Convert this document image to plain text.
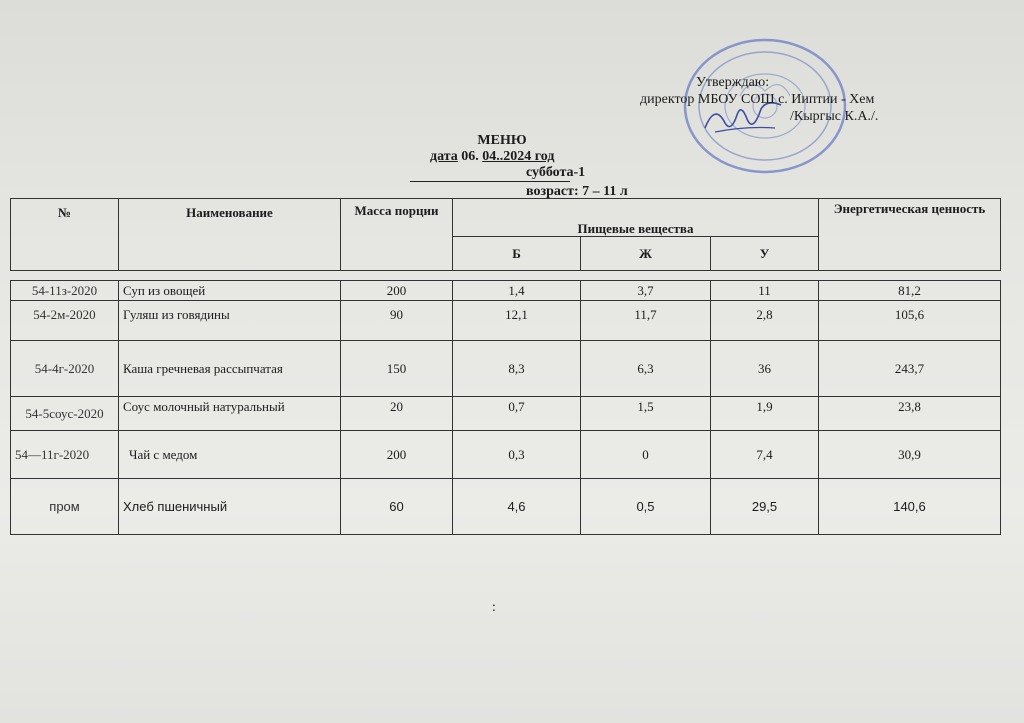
Утверждаю:
директор МБОУ СОШ с. Ииптии - Хем
/Кыргыс К.А./.
МЕНЮ
дата 06. 04..2024 год
суббота-1
возраст: 7 – 11 л
№	Наименование	Масса порции	Пищевые вещества			Энергетическая ценность
			Б	Ж	У	

54-11з-2020	Суп из овощей	200	1,4	3,7	11	81,2
54-2м-2020	Гуляш из говядины	90	12,1	11,7	2,8	105,6
54-4г-2020	Каша гречневая рассыпчатая	150	8,3	6,3	36	243,7
54-5соус-2020	Соус молочный натуральный	20	0,7	1,5	1,9	23,8
54—11г-2020	Чай с медом	200	0,3	0	7,4	30,9
пром	Хлеб пшеничный	60	4,6	0,5	29,5	140,6
:
